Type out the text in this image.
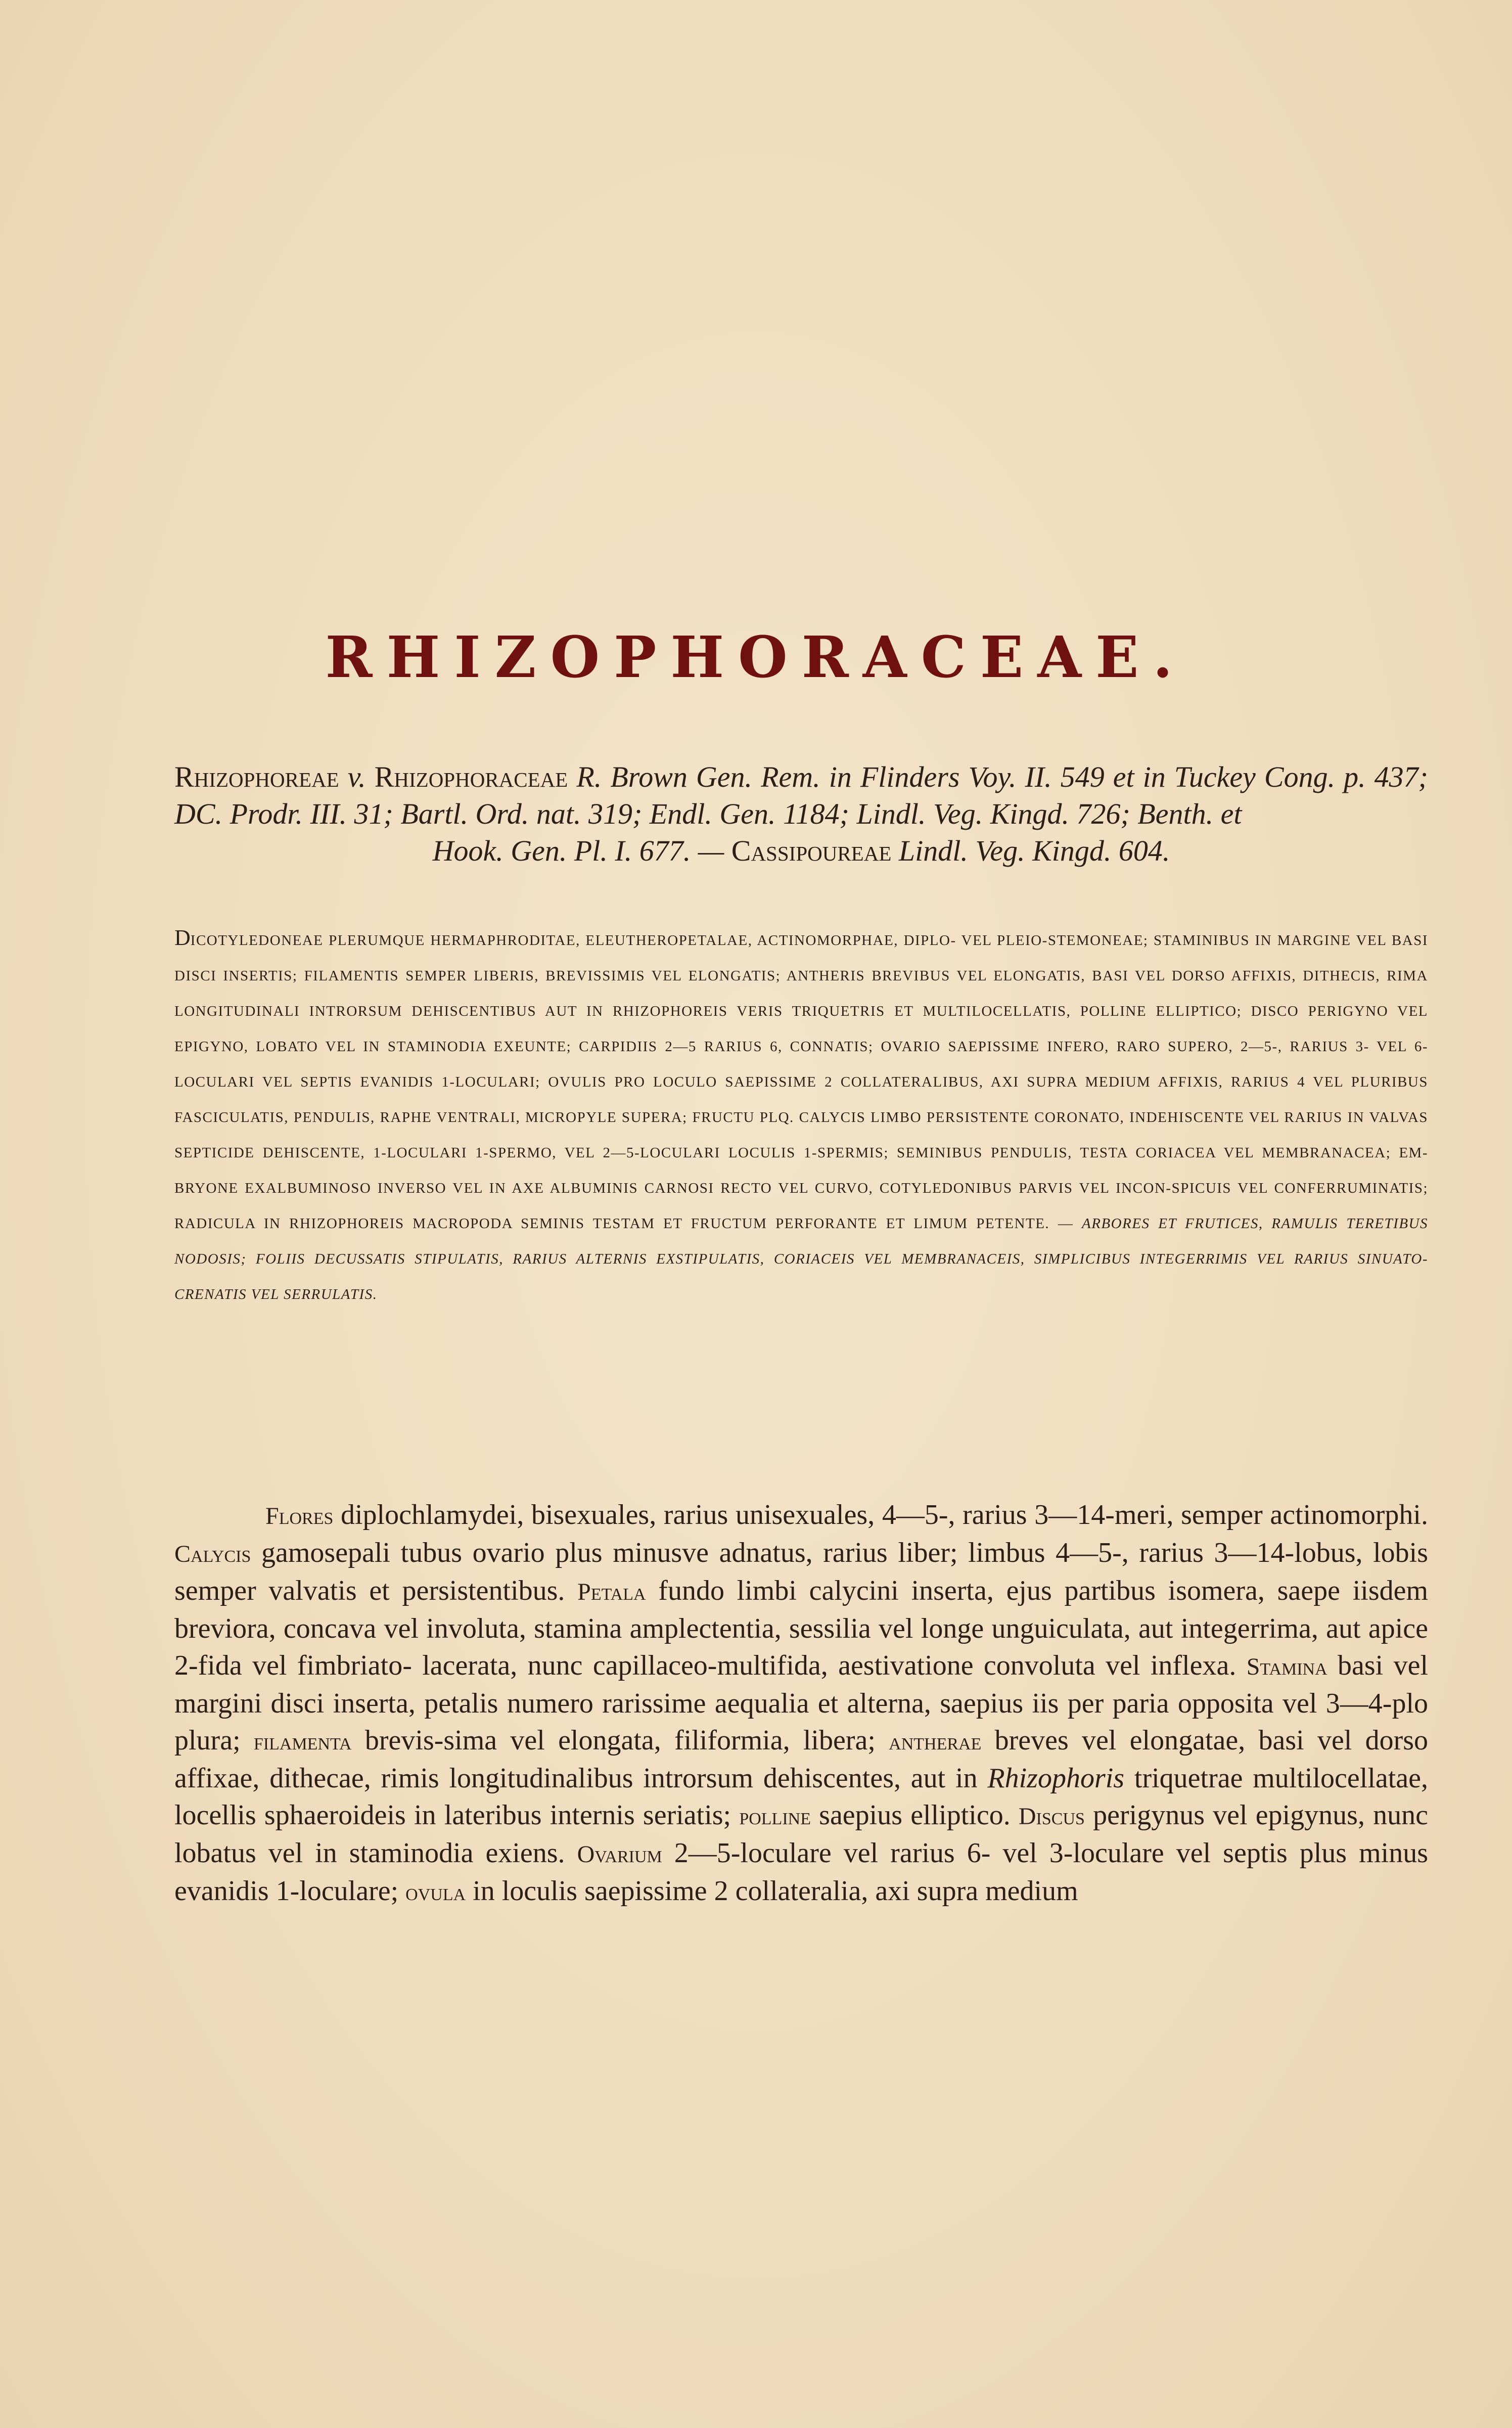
RHIZOPHORACEAE.
Rhizophoreae v. Rhizophoraceae R. Brown Gen. Rem. in Flinders Voy. II. 549 et in Tuckey Cong. p. 437; DC. Prodr. III. 31; Bartl. Ord. nat. 319; Endl. Gen. 1184; Lindl. Veg. Kingd. 726; Benth. et
Hook. Gen. Pl. I. 677. — Cassipoureae Lindl. Veg. Kingd. 604.
DICOTYLEDONEAE PLERUMQUE HERMAPHRODITAE, ELEUTHEROPETALAE, ACTINOMORPHAE, DIPLO- VEL PLEIO-STEMONEAE; STAMINIBUS IN MARGINE VEL BASI DISCI INSERTIS; FILAMENTIS SEMPER LIBERIS, BREVISSIMIS VEL ELONGATIS; ANTHERIS BREVIBUS VEL ELONGATIS, BASI VEL DORSO AFFIXIS, DITHECIS, RIMA LONGITUDINALI INTRORSUM DEHISCENTIBUS AUT IN RHIZOPHOREIS VERIS TRIQUETRIS ET MULTILOCELLATIS, POLLINE ELLIPTICO; DISCO PERIGYNO VEL EPIGYNO, LOBATO VEL IN STAMINODIA EXEUNTE; CARPIDIIS 2—5 RARIUS 6, CONNATIS; OVARIO SAEPISSIME INFERO, RARO SUPERO, 2—5-, RARIUS 3- VEL 6-LOCULARI VEL SEPTIS EVANIDIS 1-LOCULARI; OVULIS PRO LOCULO SAEPISSIME 2 COLLATERALIBUS, AXI SUPRA MEDIUM AFFIXIS, RARIUS 4 VEL PLURIBUS FASCICULATIS, PENDULIS, RAPHE VENTRALI, MICROPYLE SUPERA; FRUCTU PLQ. CALYCIS LIMBO PERSISTENTE CORONATO, INDEHISCENTE VEL RARIUS IN VALVAS SEPTICIDE DEHISCENTE, 1-LOCULARI 1-SPERMO, VEL 2—5-LOCULARI LOCULIS 1-SPERMIS; SEMINIBUS PENDULIS, TESTA CORIACEA VEL MEMBRANACEA; EM-BRYONE EXALBUMINOSO INVERSO VEL IN AXE ALBUMINIS CARNOSI RECTO VEL CURVO, COTYLEDONIBUS PARVIS VEL INCON-SPICUIS VEL CONFERRUMINATIS; RADICULA IN RHIZOPHOREIS MACROPODA SEMINIS TESTAM ET FRUCTUM PERFORANTE ET LIMUM PETENTE. — ARBORES ET FRUTICES, RAMULIS TERETIBUS NODOSIS; FOLIIS DECUSSATIS STIPULATIS, RARIUS ALTERNIS EXSTIPULATIS, CORIACEIS VEL MEMBRANACEIS, SIMPLICIBUS INTEGERRIMIS VEL RARIUS SINUATO-CRENATIS VEL SERRULATIS.
Flores diplochlamydei, bisexuales, rarius unisexuales, 4—5-, rarius 3—14-meri, semper actinomorphi. Calycis gamosepali tubus ovario plus minusve adnatus, rarius liber; limbus 4—5-, rarius 3—14-lobus, lobis semper valvatis et persistentibus. Petala fundo limbi calycini inserta, ejus partibus isomera, saepe iisdem breviora, concava vel involuta, stamina amplectentia, sessilia vel longe unguiculata, aut integerrima, aut apice 2-fida vel fimbriato- lacerata, nunc capillaceo-multifida, aestivatione convoluta vel inflexa. Stamina basi vel margini disci inserta, petalis numero rarissime aequalia et alterna, saepius iis per paria opposita vel 3—4-plo plura; filamenta brevis-sima vel elongata, filiformia, libera; antherae breves vel elongatae, basi vel dorso affixae, dithecae, rimis longitudinalibus introrsum dehiscentes, aut in Rhizophoris triquetrae multilocellatae, locellis sphaeroideis in lateribus internis seriatis; polline saepius elliptico. Discus perigynus vel epigynus, nunc lobatus vel in staminodia exiens. Ovarium 2—5-loculare vel rarius 6- vel 3-loculare vel septis plus minus evanidis 1-loculare; ovula in loculis saepissime 2 collateralia, axi supra medium
